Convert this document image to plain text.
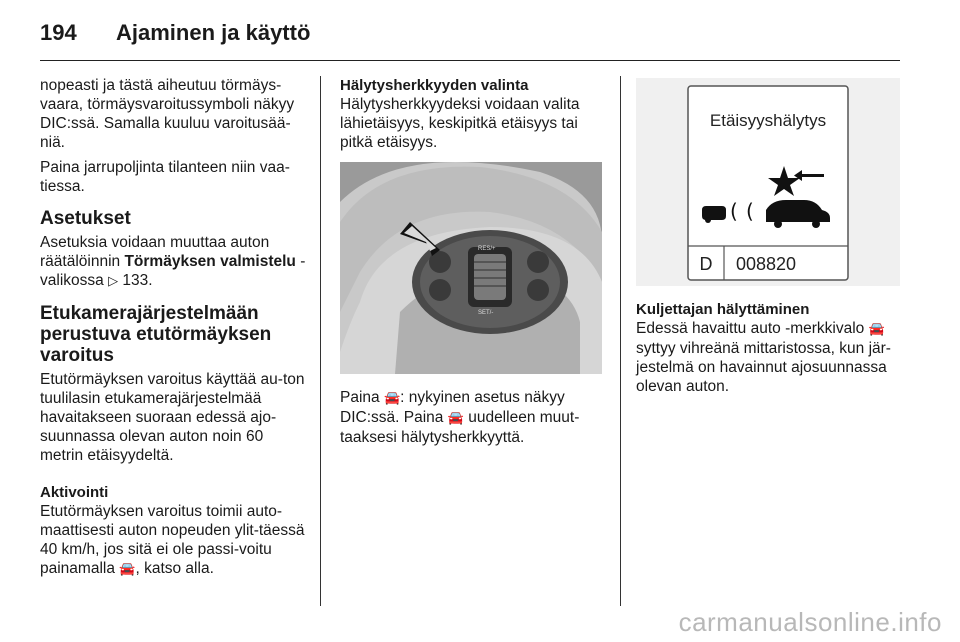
194 Ajaminen ja käyttö

nopeasti ja tästä aiheutuu törmäys-vaara, törmäysvaroitussymboli näkyy DIC:ssä. Samalla kuuluu varoitusää-niä.

Paina jarrupoljinta tilanteen niin vaa-tiessa.

Asetukset

Asetuksia voidaan muuttaa auton räätälöinnin Törmäyksen valmistelu -valikossa ▷ 133.

Etukamerajärjestelmään perustuva etutörmäyksen varoitus

Etutörmäyksen varoitus käyttää au-ton tuulilasin etukamerajärjestelmää havaitakseen suoraan edessä ajo-suunnassa olevan auton noin 60 metrin etäisyydeltä.

Aktivointi

Etutörmäyksen varoitus toimii auto-maattisesti auton nopeuden ylit-täessä 40 km/h, jos sitä ei ole passi-voitu painamalla 🚘, katso alla.

Hälytysherkkyyden valinta

Hälytysherkkyydeksi voidaan valita lähietäisyys, keskipitkä etäisyys tai pitkä etäisyys.

RES/+
SET/-

Paina 🚘: nykyinen asetus näkyy DIC:ssä. Paina 🚘 uudelleen muut-taaksesi hälytysherkkyyttä.

Etäisyyshälytys
( (
D 008820
Kuljettajan hälyttäminen

Edessä havaittu auto -merkkivalo 🚘 syttyy vihreänä mittaristossa, kun jär-jestelmä on havainnut ajosuunnassa olevan auton.

carmanualsonline.info
